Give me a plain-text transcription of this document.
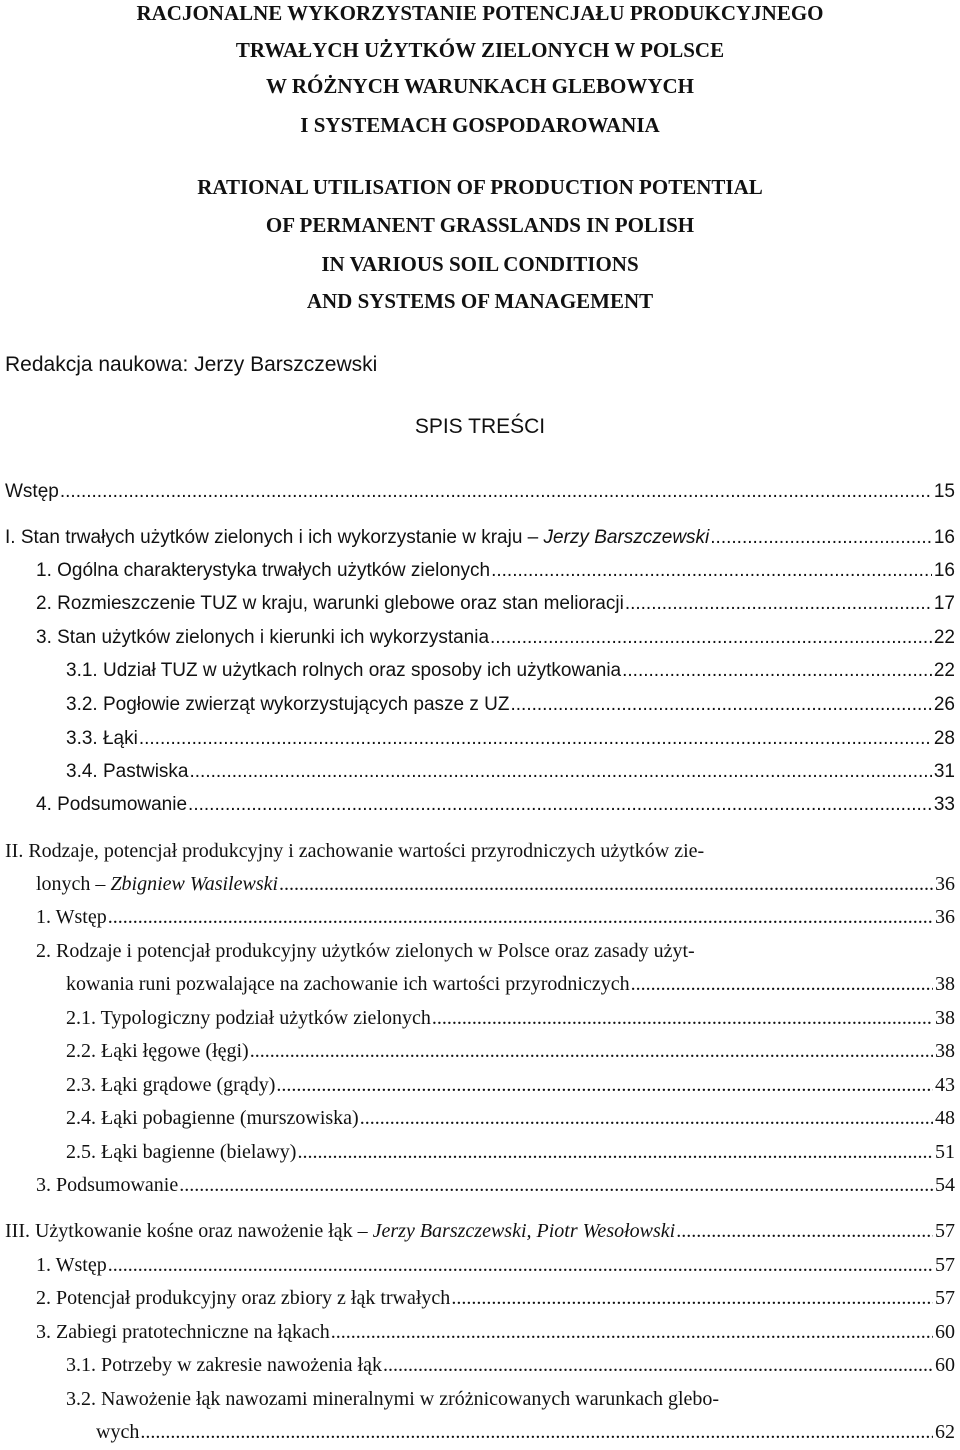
RACJONALNE WYKORZYSTANIE POTENCJAŁU PRODUKCYJNEGO
TRWAŁYCH UŻYTKÓW ZIELONYCH W POLSCE
W RÓŻNYCH WARUNKACH GLEBOWYCH
I SYSTEMACH GOSPODAROWANIA
RATIONAL UTILISATION OF PRODUCTION POTENTIAL
OF PERMANENT GRASSLANDS IN POLISH
IN VARIOUS SOIL CONDITIONS
AND SYSTEMS OF MANAGEMENT
Redakcja naukowa: Jerzy Barszczewski
SPIS TREŚCI
Wstęp .....	15
I. Stan trwałych użytków zielonych i ich wykorzystanie w kraju – Jerzy Barszczewski .....	16
1. Ogólna charakterystyka trwałych użytków zielonych .....	16
2. Rozmieszczenie TUZ w kraju, warunki glebowe oraz stan melioracji .....	17
3. Stan użytków zielonych i kierunki ich wykorzystania .....	22
3.1. Udział TUZ w użytkach rolnych oraz sposoby ich użytkowania .....	22
3.2. Pogłowie zwierząt wykorzystujących pasze z UZ .....	26
3.3. Łąki .....	28
3.4. Pastwiska .....	31
4. Podsumowanie .....	33
II. Rodzaje, potencjał produkcyjny i zachowanie wartości przyrodniczych użytków zie-
lonych – Zbigniew Wasilewski .....	36
1. Wstęp .....	36
2. Rodzaje i potencjał produkcyjny użytków zielonych w Polsce oraz zasady użyt-
kowania runi pozwalające na zachowanie ich wartości przyrodniczych .....	38
2.1. Typologiczny podział użytków zielonych .....	38
2.2. Łąki łęgowe (łęgi) .....	38
2.3. Łąki grądowe (grądy) .....	43
2.4. Łąki pobagienne (murszowiska) .....	48
2.5. Łąki bagienne (bielawy) .....	51
3. Podsumowanie .....	54
III. Użytkowanie kośne oraz nawożenie łąk – Jerzy Barszczewski, Piotr Wesołowski .....	57
1. Wstęp .....	57
2. Potencjał produkcyjny oraz zbiory z łąk trwałych .....	57
3. Zabiegi pratotechniczne na łąkach .....	60
3.1. Potrzeby w zakresie nawożenia łąk .....	60
3.2. Nawożenie łąk nawozami mineralnymi w zróżnicowanych warunkach glebo-
wych .....	62
